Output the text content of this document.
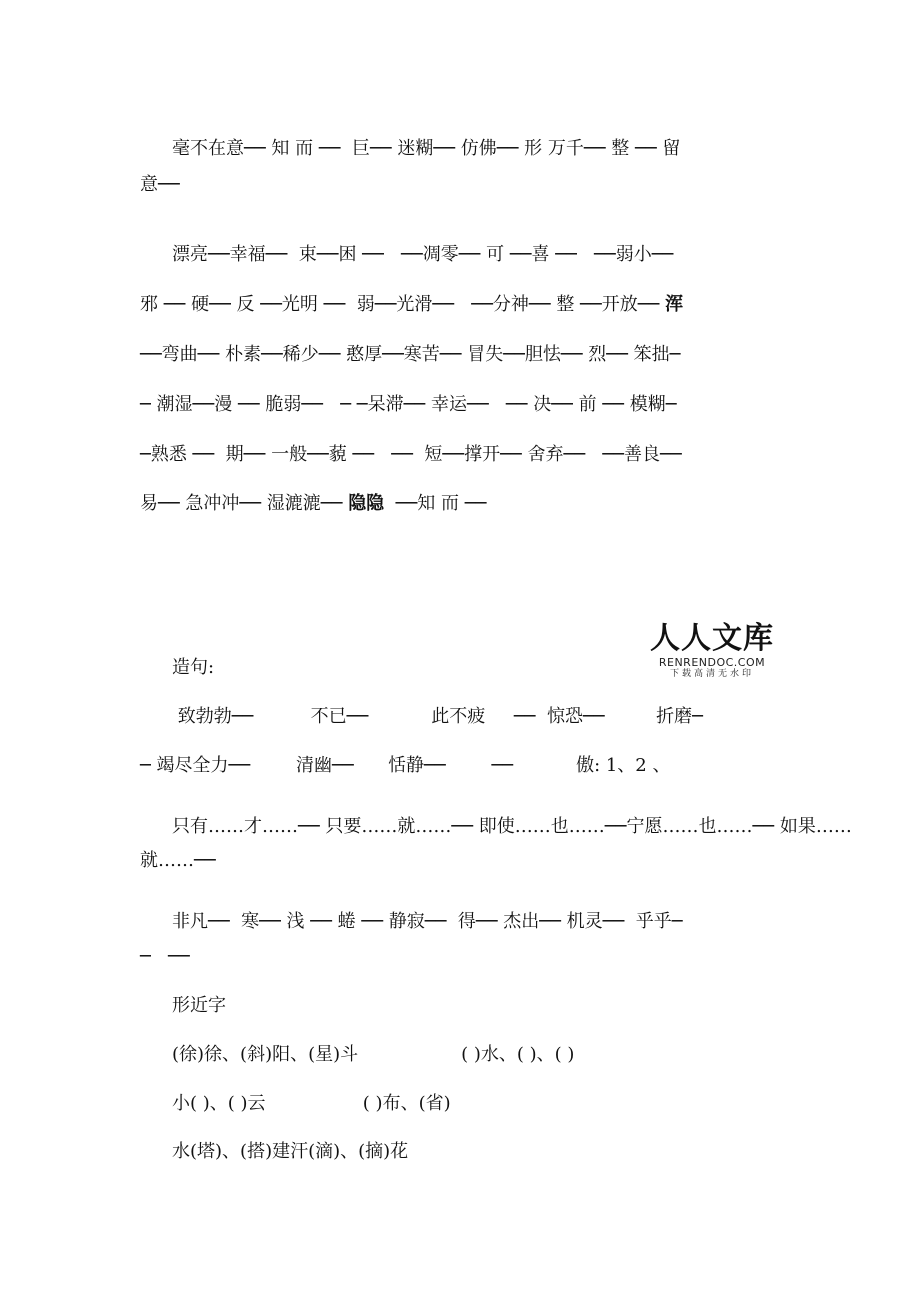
毫不在意── 知 而 ──  巨── 迷糊── 仿佛── 形 万千── 整 ── 留
意──
漂亮──幸福──  束──困 ──   ──凋零── 可 ──喜 ──   ──弱小──
邪 ── 硬── 反 ──光明 ──  弱──光滑──   ──分神── 整 ──开放── 浑
──弯曲── 朴素──稀少── 憨厚──寒苦── 冒失──胆怯── 烈── 笨拙─
─ 潮湿──漫 ── 脆弱──   ─ ─呆滞── 幸运──   ── 决── 前 ── 模糊─
─熟悉 ──  期── 一般──藐 ──   ──  短──撑开── 舍弃──   ──善良──
易── 急冲冲── 湿漉漉── 隐隐  ──知 而 ──
人人文库
RENRENDOC.COM
下载高清无水印
造句:
致勃勃──          不已──           此不疲     ──  惊恐──         折磨─
─ 竭尽全力──        清幽──      恬静──        ──           傲: 1、2 、
只有……才……── 只要……就……── 即使……也……──宁愿……也……── 如果……
就……──
非凡──  寒── 浅 ── 蜷 ── 静寂──  得── 杰出── 机灵──  乎乎─
─   ──
形近字
(徐)徐、(斜)阳、(星)斗                  ( )水、( )、( )
小( )、( )云                 ( )布、(省)
水(塔)、(搭)建汗(滴)、(摘)花
